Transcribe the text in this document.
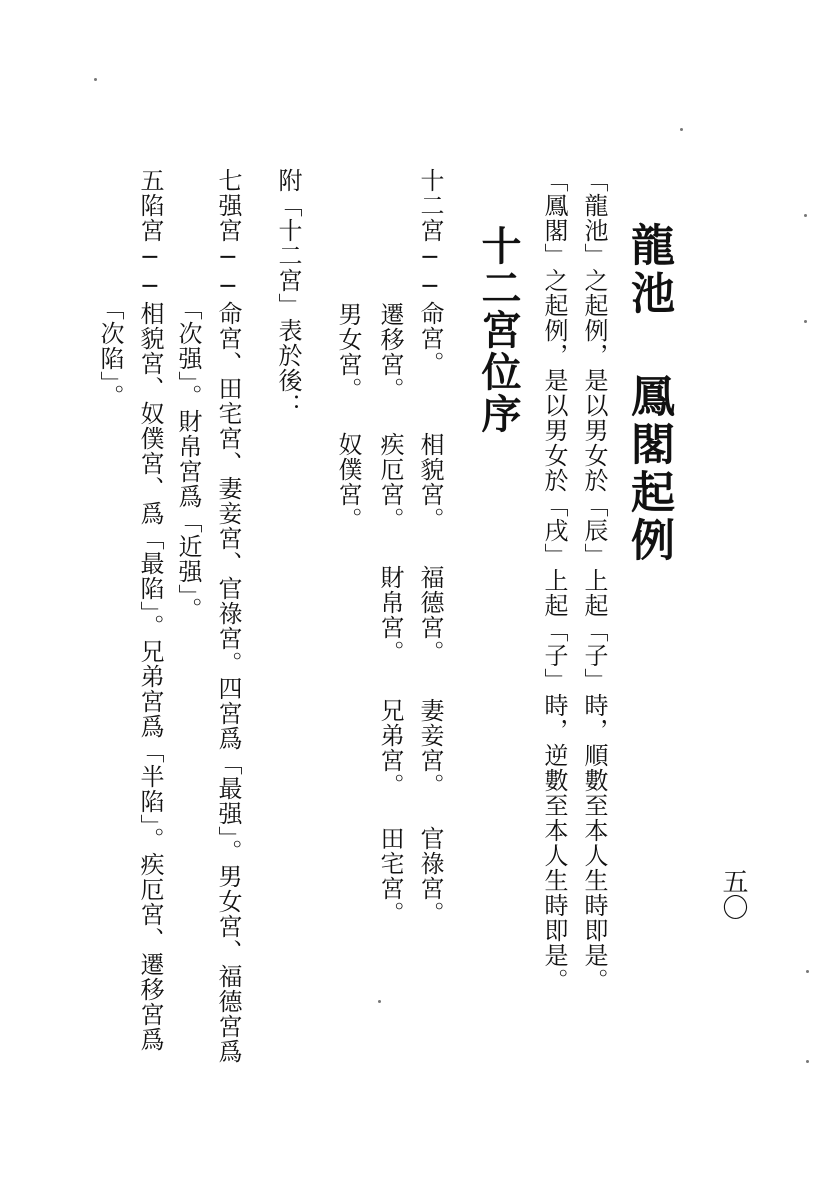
龍池 鳳閣起例
「龍池」之起例，是以男女於「辰」上起「子」時，順數至本人生時即是。
「鳳閣」之起例，是以男女於「戌」上起「子」時，逆數至本人生時即是。
十二宮位序
十二宮──命宮。
相貌宮。
福德宮。
妻妾宮。
官祿宮。
遷移宮。
疾厄宮。
財帛宮。
兄弟宮。
田宅宮。
男女宮。
奴僕宮。
附「十二宮」表於後：
七强宮──命宮、田宅宮、妻妾宮、官祿宮。四宮爲「最强」。男女宮、福德宮爲
「次强」。財帛宮爲「近强」。
五陷宮──相貌宮、奴僕宮、爲「最陷」。兄弟宮爲「半陷」。疾厄宮、遷移宮爲
「次陷」。
五〇
